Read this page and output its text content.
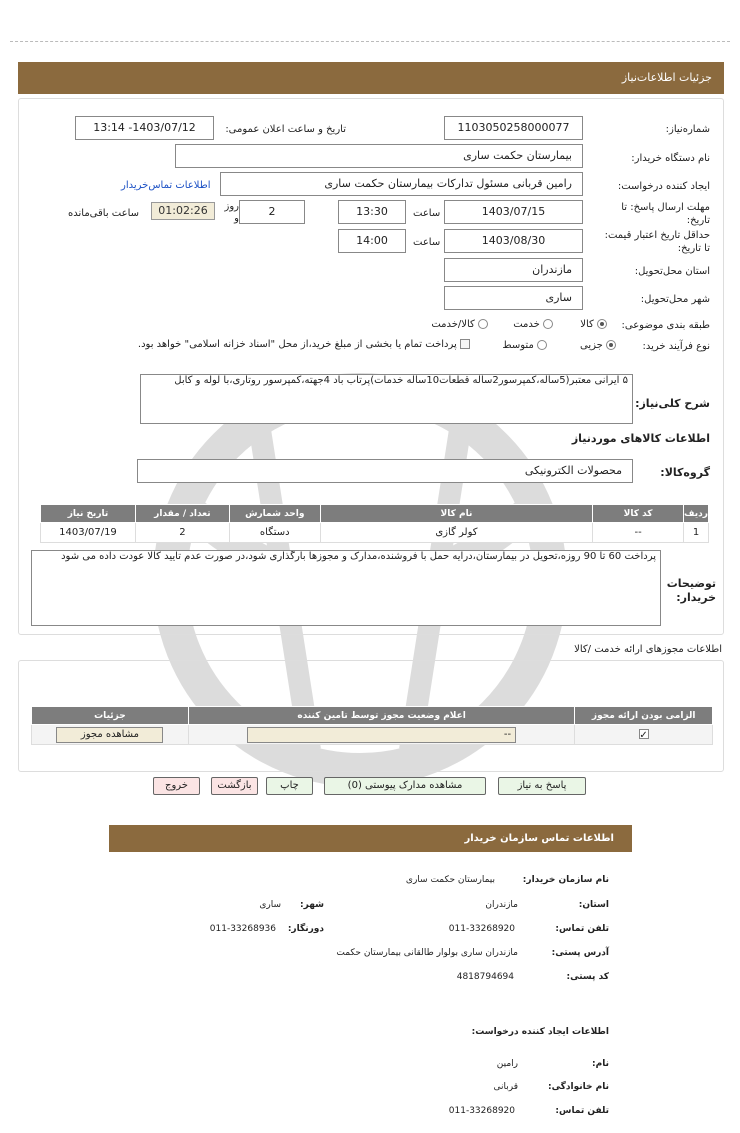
جزئیات اطلاعات‌نیاز
شماره‌نیاز:
1103050258000077
تاریخ و ساعت اعلان عمومی:
1403/07/12- 13:14
نام دستگاه خریدار:
بیمارستان حکمت ساری
ایجاد کننده درخواست:
رامین قربانی مسئول تدارکات بیمارستان حکمت ساری
اطلاعات تماس‌خریدار
مهلت ارسال پاسخ: تا تاریخ:
1403/07/15
ساعت
13:30
2
روز و
01:02:26
ساعت باقی‌مانده
حداقل تاریخ اعتبار قیمت: تا تاریخ:
1403/08/30
ساعت
14:00
استان محل‌تحویل:
مازندران
شهر محل‌تحویل:
ساری
طبقه بندی موضوعی:
کالا
خدمت
کالا/خدمت
نوع فرآیند خرید:
جزیی
متوسط
پرداخت تمام یا بخشی از مبلغ خرید،از محل "اسناد خزانه اسلامی" خواهد بود.
شرح کلی‌نیاز:
۵ ایرانی معتبر(5ساله،کمپرسور2ساله قطعات10ساله خدمات)پرتاب باد 4جهته،کمپرسور روتاری،با لوله و کابل
اطلاعات کالاهای موردنیاز
گروه‌کالا:
محصولات الکترونیکی
ردیف	کد کالا	نام کالا	واحد شمارش	تعداد / مقدار	تاریخ نیاز
1	--	کولر گازی	دستگاه	2	1403/07/19
توضیحات خریدار:
پرداخت 60 تا 90 روزه،تحویل در بیمارستان،درایه حمل با فروشنده،مدارک و مجوزها بارگذاری شود،در صورت عدم تایید کالا عودت داده می شود
اطلاعات مجوزهای ارائه خدمت /کالا
الزامی بودن ارائه مجوز	اعلام وضعیت مجوز توسط تامین کننده	جزئیات
✓	--	مشاهده مجوز
پاسخ به نیاز
مشاهده مدارک پیوستی (0)
چاپ
بازگشت
خروج
اطلاعات تماس سازمان خریدار
نام سازمان خریدار:
بیمارستان حکمت ساری
استان:
مازندران
شهر:
ساری
تلفن تماس:
011-33268920
دورنگار:
011-33268936
آدرس پستی:
مازندران ساری بولوار طالقانی بیمارستان حکمت
کد پستی:
4818794694
اطلاعات ایجاد کننده درخواست:
نام:
رامین
نام خانوادگی:
قربانی
تلفن تماس:
011-33268920
